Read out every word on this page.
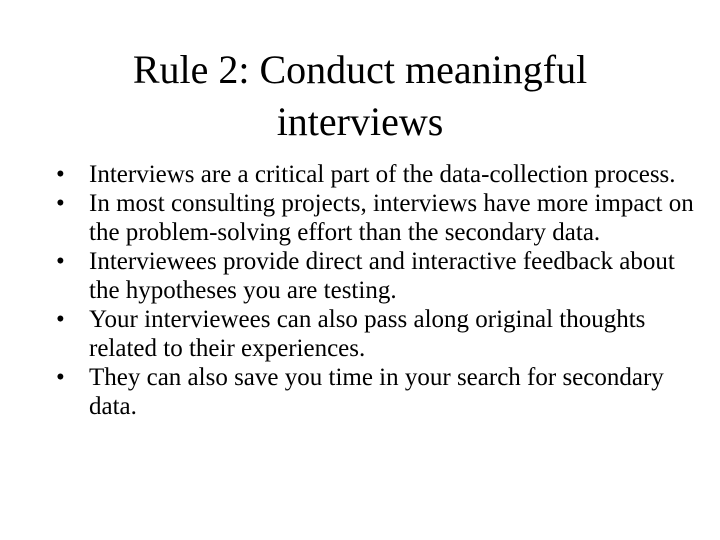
Rule 2: Conduct meaningful
interviews
• Interviews are a critical part of the data-collection process.
• In most consulting projects, interviews have more impact on the problem-solving effort than the secondary data.
• Interviewees provide direct and interactive feedback about the hypotheses you are testing.
• Your interviewees can also pass along original thoughts related to their experiences.
• They can also save you time in your search for secondary data.
